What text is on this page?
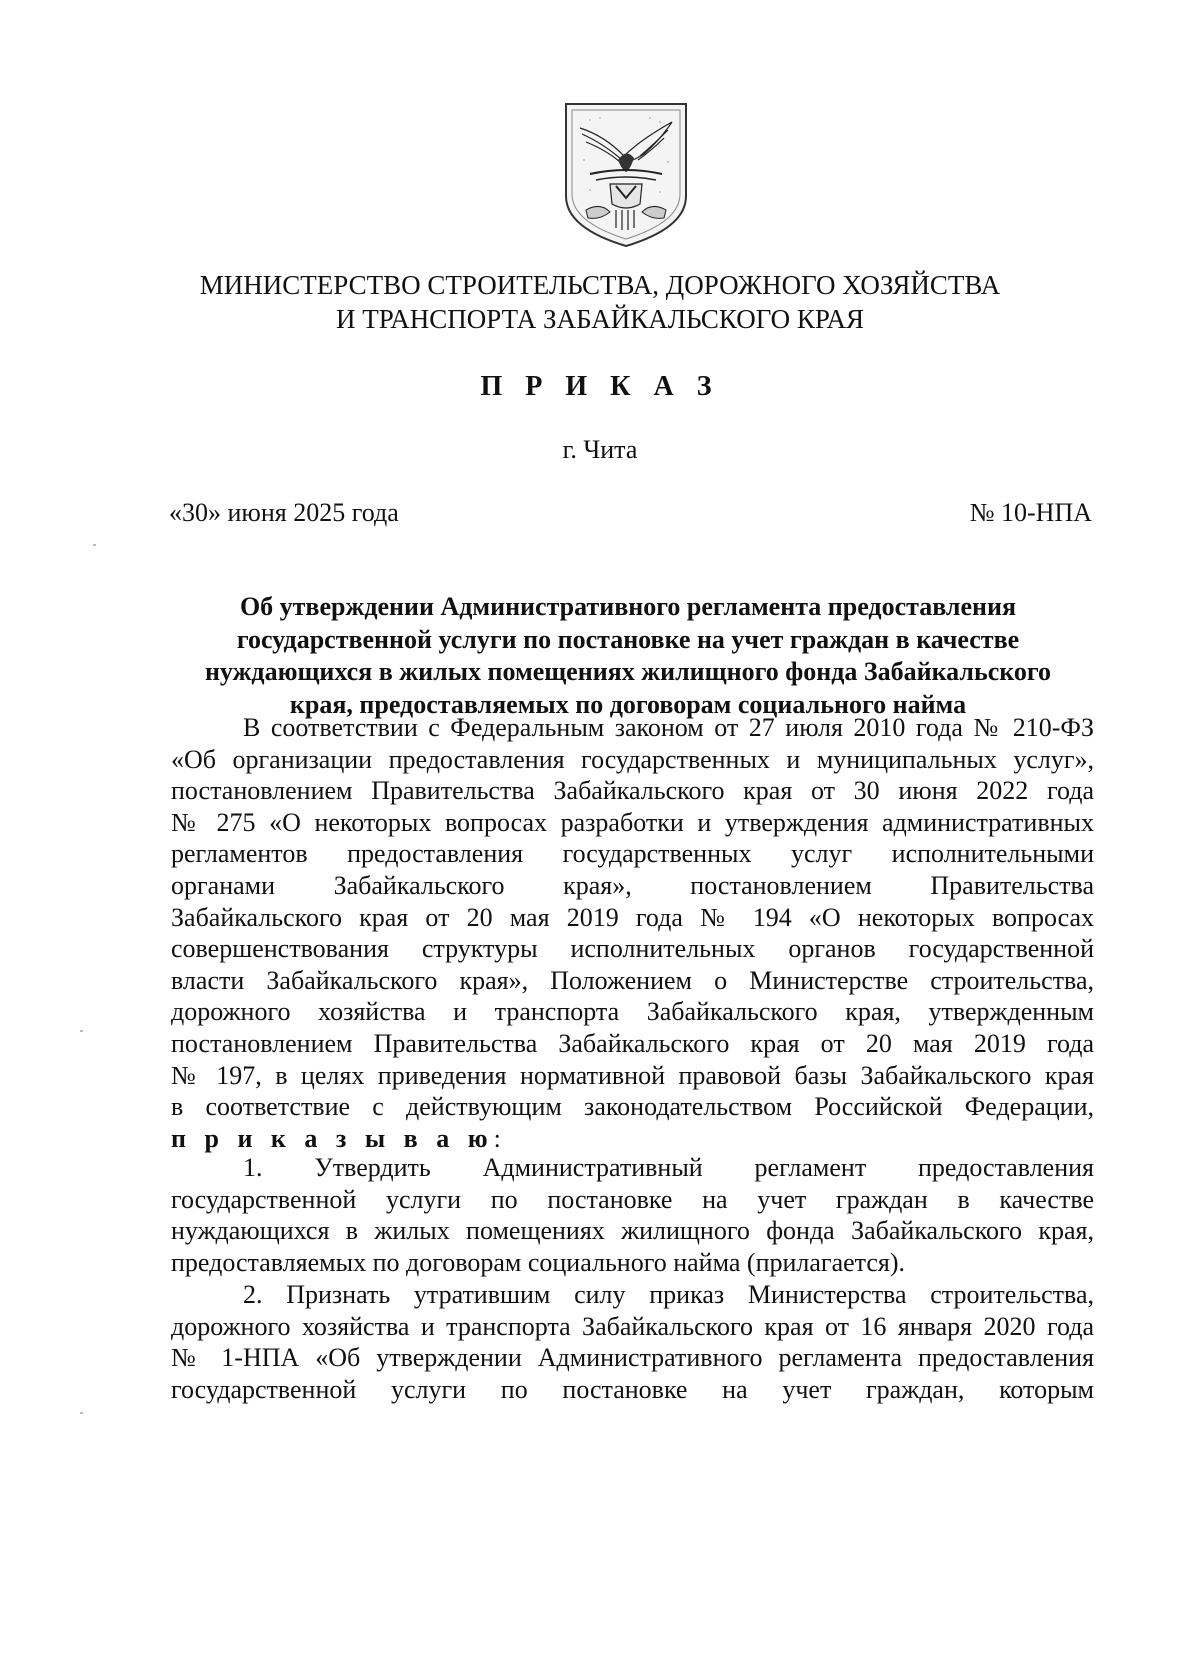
МИНИСТЕРСТВО СТРОИТЕЛЬСТВА, ДОРОЖНОГО ХОЗЯЙСТВА
И ТРАНСПОРТА ЗАБАЙКАЛЬСКОГО КРАЯ
П Р И К А З
г. Чита
«30» июня 2025 года	№ 10-НПА
Об утверждении Административного регламента предоставления
государственной услуги по постановке на учет граждан в качестве
нуждающихся в жилых помещениях жилищного фонда Забайкальского
края, предоставляемых по договорам социального найма
В соответствии с Федеральным законом от 27 июля 2010 года № 210-ФЗ
«Об организации предоставления государственных и муниципальных услуг»,
постановлением Правительства Забайкальского края от 30 июня 2022 года
№ 275 «О некоторых вопросах разработки и утверждения административных
регламентов предоставления государственных услуг исполнительными
органами Забайкальского края», постановлением Правительства
Забайкальского края от 20 мая 2019 года № 194 «О некоторых вопросах
совершенствования структуры исполнительных органов государственной
власти Забайкальского края», Положением о Министерстве строительства,
дорожного хозяйства и транспорта Забайкальского края, утвержденным
постановлением Правительства Забайкальского края от 20 мая 2019 года
№ 197, в целях приведения нормативной правовой базы Забайкальского края
в соответствие с действующим законодательством Российской Федерации,
п р и к а з ы в а ю:
1. Утвердить Административный регламент предоставления
государственной услуги по постановке на учет граждан в качестве
нуждающихся в жилых помещениях жилищного фонда Забайкальского края,
предоставляемых по договорам социального найма (прилагается).
2. Признать утратившим силу приказ Министерства строительства,
дорожного хозяйства и транспорта Забайкальского края от 16 января 2020 года
№ 1-НПА «Об утверждении Административного регламента предоставления
государственной услуги по постановке на учет граждан, которым
